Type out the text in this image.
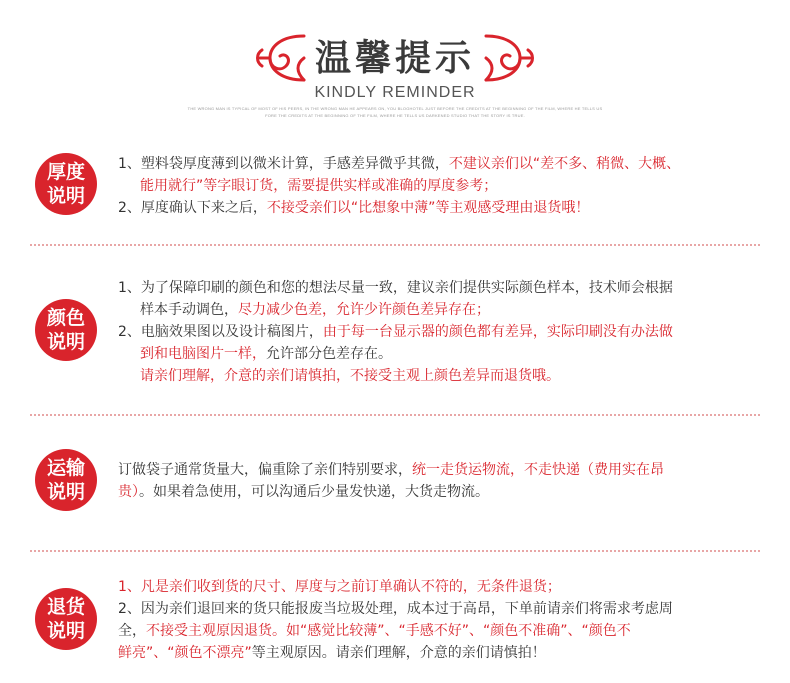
温馨提示
KINDLY REMINDER
THE WRONG MAN IS TYPICAL OF MOST OF HIS PEERS, IN THE WRONG MAN HE APPEARS ON, YOU BLOGHOTEL JUST BEFORE THE CREDITS AT THE BEGINNING OF THE FILM, WHERE HE TELLS US
FORE THE CREDITS AT THE BEGINNING OF THE FILM, WHERE HE TELLS US DARKENED STUDIO THAT THE STORY IS TRUE.
厚度
说明

1、塑料袋厚度薄到以微米计算，手感差异微乎其微，不建议亲们以“差不多、稍微、大概、

能用就行”等字眼订货，需要提供实样或准确的厚度参考；

2、厚度确认下来之后，不接受亲们以“比想象中薄”等主观感受理由退货哦！

颜色
说明

1、为了保障印刷的颜色和您的想法尽量一致，建议亲们提供实际颜色样本，技术师会根据

样本手动调色，尽力减少色差，允许少许颜色差异存在；

2、电脑效果图以及设计稿图片，由于每一台显示器的颜色都有差异，实际印刷没有办法做

到和电脑图片一样，允许部分色差存在。

请亲们理解，介意的亲们请慎拍，不接受主观上颜色差异而退货哦。

运输
说明

订做袋子通常货量大，偏重除了亲们特别要求，统一走货运物流，不走快递（费用实在昂

贵）。如果着急使用，可以沟通后少量发快递，大货走物流。

退货
说明

1、凡是亲们收到货的尺寸、厚度与之前订单确认不符的，无条件退货；

2、因为亲们退回来的货只能报废当垃圾处理，成本过于高昂，下单前请亲们将需求考虑周

全，不接受主观原因退货。如“感觉比较薄”、“手感不好”、“颜色不准确”、“颜色不

鲜亮”、“颜色不漂亮”等主观原因。请亲们理解，介意的亲们请慎拍！
